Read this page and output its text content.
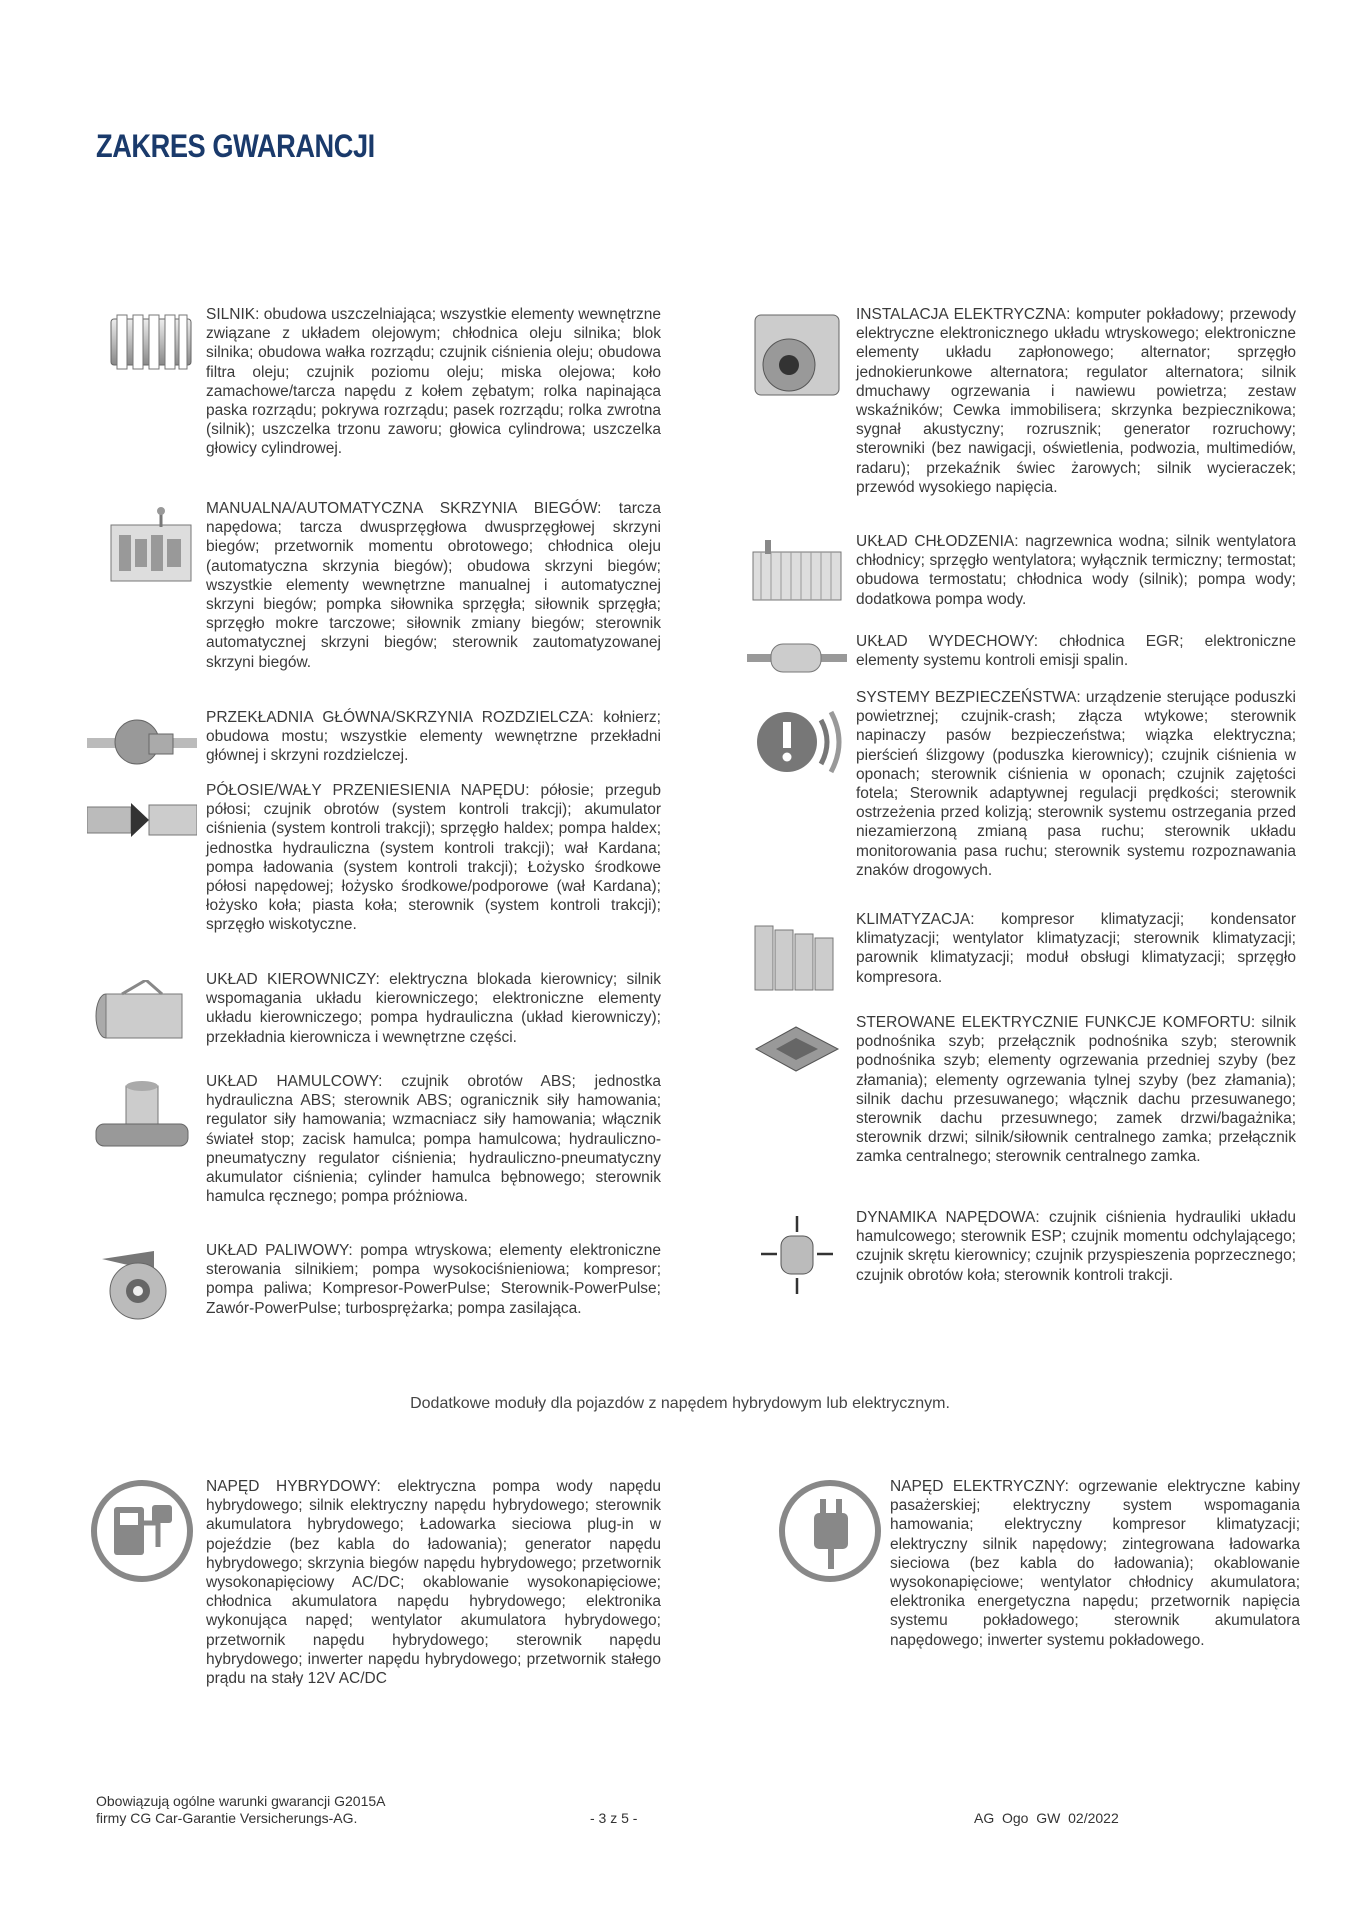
ZAKRES GWARANCJI
SILNIK: obudowa uszczelniająca; wszystkie elementy wewnętrzne związane z układem olejowym; chłodnica oleju silnika; blok silnika; obudowa wałka rozrządu; czujnik ciśnienia oleju; obudowa filtra oleju; czujnik poziomu oleju; miska olejowa; koło zamachowe/tarcza napędu z kołem zębatym; rolka napinająca paska rozrządu; pokrywa rozrządu; pasek rozrządu; rolka zwrotna (silnik); uszczelka trzonu zaworu; głowica cylindrowa; uszczelka głowicy cylindrowej.
MANUALNA/AUTOMATYCZNA SKRZYNIA BIEGÓW: tarcza napędowa; tarcza dwusprzęgłowa dwusprzęgłowej skrzyni biegów; przetwornik momentu obrotowego; chłodnica oleju (automatyczna skrzynia biegów); obudowa skrzyni biegów; wszystkie elementy wewnętrzne manualnej i automatycznej skrzyni biegów; pompka siłownika sprzęgła; siłownik sprzęgła; sprzęgło mokre tarczowe; siłownik zmiany biegów; sterownik automatycznej skrzyni biegów; sterownik zautomatyzowanej skrzyni biegów.
PRZEKŁADNIA GŁÓWNA/SKRZYNIA ROZDZIELCZA: kołnierz; obudowa mostu; wszystkie elementy wewnętrzne przekładni głównej i skrzyni rozdzielczej.
PÓŁOSIE/WAŁY PRZENIESIENIA NAPĘDU: półosie; przegub półosi; czujnik obrotów (system kontroli trakcji); akumulator ciśnienia (system kontroli trakcji); sprzęgło haldex; pompa haldex; jednostka hydrauliczna (system kontroli trakcji); wał Kardana; pompa ładowania (system kontroli trakcji); Łożysko środkowe półosi napędowej; łożysko środkowe/podporowe (wał Kardana); łożysko koła; piasta koła; sterownik (system kontroli trakcji); sprzęgło wiskotyczne.
UKŁAD KIEROWNICZY: elektryczna blokada kierownicy; silnik wspomagania układu kierowniczego; elektroniczne elementy układu kierowniczego; pompa hydrauliczna (układ kierowniczy); przekładnia kierownicza i wewnętrzne części.
UKŁAD HAMULCOWY: czujnik obrotów ABS; jednostka hydrauliczna ABS; sterownik ABS; ogranicznik siły hamowania; regulator siły hamowania; wzmacniacz siły hamowania; włącznik świateł stop; zacisk hamulca; pompa hamulcowa; hydrauliczno-pneumatyczny regulator ciśnienia; hydrauliczno-pneumatyczny akumulator ciśnienia; cylinder hamulca bębnowego; sterownik hamulca ręcznego; pompa próżniowa.
UKŁAD PALIWOWY: pompa wtryskowa; elementy elektroniczne sterowania silnikiem; pompa wysokociśnieniowa; kompresor; pompa paliwa; Kompresor-PowerPulse; Sterownik-PowerPulse; Zawór-PowerPulse; turbosprężarka; pompa zasilająca.
INSTALACJA ELEKTRYCZNA: komputer pokładowy; przewody elektryczne elektronicznego układu wtryskowego; elektroniczne elementy układu zapłonowego; alternator; sprzęgło jednokierunkowe alternatora; regulator alternatora; silnik dmuchawy ogrzewania i nawiewu powietrza; zestaw wskaźników; Cewka immobilisera; skrzynka bezpiecznikowa; sygnał akustyczny; rozrusznik; generator rozruchowy; sterowniki (bez nawigacji, oświetlenia, podwozia, multimediów, radaru); przekaźnik świec żarowych; silnik wycieraczek; przewód wysokiego napięcia.
UKŁAD CHŁODZENIA: nagrzewnica wodna; silnik wentylatora chłodnicy; sprzęgło wentylatora; wyłącznik termiczny; termostat; obudowa termostatu; chłodnica wody (silnik); pompa wody; dodatkowa pompa wody.
UKŁAD WYDECHOWY: chłodnica EGR; elektroniczne elementy systemu kontroli emisji spalin.
SYSTEMY BEZPIECZEŃSTWA: urządzenie sterujące poduszki powietrznej; czujnik-crash; złącza wtykowe; sterownik napinaczy pasów bezpieczeństwa; wiązka elektryczna; pierścień ślizgowy (poduszka kierownicy); czujnik ciśnienia w oponach; sterownik ciśnienia w oponach; czujnik zajętości fotela; Sterownik adaptywnej regulacji prędkości; sterownik ostrzeżenia przed kolizją; sterownik systemu ostrzegania przed niezamierzoną zmianą pasa ruchu; sterownik układu monitorowania pasa ruchu; sterownik systemu rozpoznawania znaków drogowych.
KLIMATYZACJA: kompresor klimatyzacji; kondensator klimatyzacji; wentylator klimatyzacji; sterownik klimatyzacji; parownik klimatyzacji; moduł obsługi klimatyzacji; sprzęgło kompresora.
STEROWANE ELEKTRYCZNIE FUNKCJE KOMFORTU: silnik podnośnika szyb; przełącznik podnośnika szyb; sterownik podnośnika szyb; elementy ogrzewania przedniej szyby (bez złamania); elementy ogrzewania tylnej szyby (bez złamania); silnik dachu przesuwanego; włącznik dachu przesuwanego; sterownik dachu przesuwnego; zamek drzwi/bagażnika; sterownik drzwi; silnik/siłownik centralnego zamka; przełącznik zamka centralnego; sterownik centralnego zamka.
DYNAMIKA NAPĘDOWA: czujnik ciśnienia hydrauliki układu hamulcowego; sterownik ESP; czujnik momentu odchylającego; czujnik skrętu kierownicy; czujnik przyspieszenia poprzecznego; czujnik obrotów koła; sterownik kontroli trakcji.
Dodatkowe moduły dla pojazdów z napędem hybrydowym lub elektrycznym.
NAPĘD HYBRYDOWY: elektryczna pompa wody napędu hybrydowego; silnik elektryczny napędu hybrydowego; sterownik akumulatora hybrydowego; Ładowarka sieciowa plug-in w pojeździe (bez kabla do ładowania); generator napędu hybrydowego; skrzynia biegów napędu hybrydowego; przetwornik wysokonapięciowy AC/DC; okablowanie wysokonapięciowe; chłodnica akumulatora napędu hybrydowego; elektronika wykonująca napęd; wentylator akumulatora hybrydowego; przetwornik napędu hybrydowego; sterownik napędu hybrydowego; inwerter napędu hybrydowego; przetwornik stałego prądu na stały 12V AC/DC
NAPĘD ELEKTRYCZNY: ogrzewanie elektryczne kabiny pasażerskiej; elektryczny system wspomagania hamowania; elektryczny kompresor klimatyzacji; elektryczny silnik napędowy; zintegrowana ładowarka sieciowa (bez kabla do ładowania); okablowanie wysokonapięciowe; wentylator chłodnicy akumulatora; elektronika energetyczna napędu; przetwornik napięcia systemu pokładowego; sterownik akumulatora napędowego; inwerter systemu pokładowego.
Obowiązują ogólne warunki gwarancji G2015A
firmy CG Car-Garantie Versicherungs-AG.	- 3 z 5 -	AG  Ogo  GW  02/2022
